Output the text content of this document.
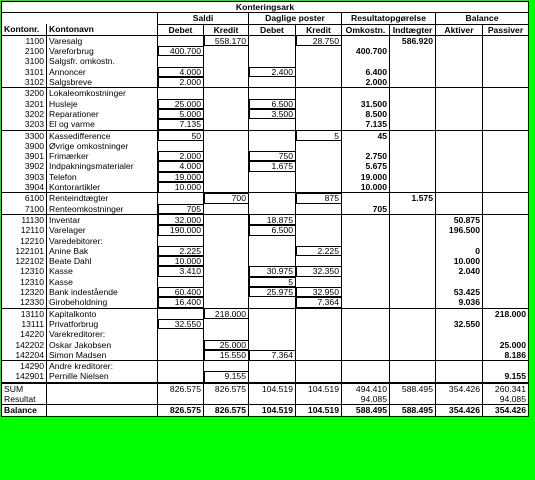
Konteringsark									
		Saldi		Daglige poster		Resultatopgørelse		Balance	
Kontonr.	Kontonavn	Debet	Kredit	Debet	Kredit	Omkostn.	Indtægter	Aktiver	Passiver
1100	Varesalg		558.170		28.750		586.920		
2100	Vareforbrug	400.700				400.700			
3100	Salgsfr. omkostn.								
3101	Annoncer	4.000		2.400		6.400			
3102	Salgsbreve	2.000				2.000			
3200	Lokaleomkostninger								
3201	Husleje	25.000		6.500		31.500			
3202	Reparationer	5.000		3.500		8.500			
3203	El og varme	7.135				7.135			
3300	Kassedifference	50			5	45			
3900	Øvrige omkostninger								
3901	Frimærker	2.000		750		2.750			
3902	Indpakningsmaterialer	4.000		1.675		5.675			
3903	Telefon	19.000				19.000			
3904	Kontorartikler	10.000				10.000			
6100	Renteindtægter		700		875		1.575		
7100	Renteomkostninger	705				705			
11130	Inventar	32.000		18.875				50.875	
12110	Varelager	190.000		6.500				196.500	
12210	Varedebitorer:								
122101	Anine Bak	2.225			2.225			0	
122102	Beate Dahl	10.000						10.000	
12310	Kasse	3.410		30.975	32.350			2.040	
12310	Kasse			5					
12320	Bank indestående	60.400		25.975	32.950			53.425	
12330	Girobeholdning	16.400			7.364			9.036	
13110	Kapitalkonto		218.000						218.000
13111	Privatforbrug	32.550						32.550	
14220	Varekreditorer:								
142202	Oskar Jakobsen		25.000						25.000
142204	Simon Madsen		15.550	7.364					8.186
14290	Andre kreditorer:								
142901	Pernille Nielsen		9.155						9.155
SUM		826.575	826.575	104.519	104.519	494.410	588.495	354.426	260.341
Resultat						94.085			94.085
Balance		826.575	826.575	104.519	104.519	588.495	588.495	354.426	354.426
